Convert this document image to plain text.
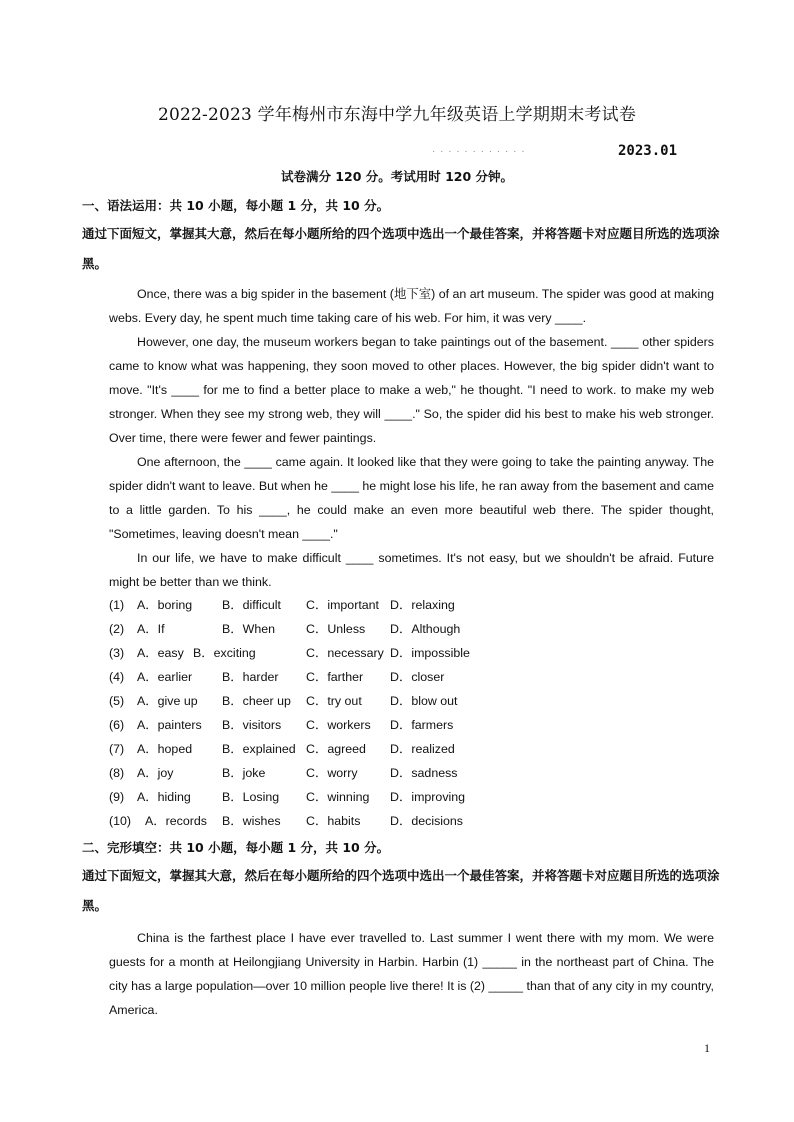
2022-2023 学年梅州市东海中学九年级英语上学期期末考试卷
· · · · · · · · · · · ·	2023.01
试卷满分 120 分。考试用时 120 分钟。
一、语法运用：共 10 小题，每小题 1 分，共 10 分。
通过下面短文，掌握其大意，然后在每小题所给的四个选项中选出一个最佳答案，并将答题卡对应题目所选的选项涂黑。

Once, there was a big spider in the basement (地下室) of an art museum. The spider was good at making webs. Every day, he spent much time taking care of his web. For him, it was very ____.

However, one day, the museum workers began to take paintings out of the basement. ____ other spiders came to know what was happening, they soon moved to other places. However, the big spider didn't want to move. "It's ____ for me to find a better place to make a web," he thought. "I need to work. to make my web stronger. When they see my strong web, they will ____." So, the spider did his best to make his web stronger. Over time, there were fewer and fewer paintings.

One afternoon, the ____ came again. It looked like that they were going to take the painting anyway. The spider didn't want to leave. But when he ____ he might lose his life, he ran away from the basement and came to a little garden. To his ____, he could make an even more beautiful web there. The spider thought, "Sometimes, leaving doesn't mean ____."

In our life, we have to make difficult ____ sometimes. It's not easy, but we shouldn't be afraid. Future might be better than we think.

(1) A．boring B．difficult C．important D．relaxing
(2) A．If	B．When C．Unless D．Although
(3) A．easy B．exciting	C．necessary D．impossible
(4) A．earlier B．harder C．farther D．closer
(5) A．give up B．cheer up C．try out D．blow out
(6) A．painters B．visitors C．workers D．farmers
(7) A．hoped B．explained C．agreed D．realized
(8) A．joy	B．joke	C．worry	D．sadness
(9) A．hiding	B．Losing C．winning D．improving
(10) A．records B．wishes C．habits D．decisions
二、完形填空：共 10 小题，每小题 1 分，共 10 分。
通过下面短文，掌握其大意，然后在每小题所给的四个选项中选出一个最佳答案，并将答题卡对应题目所选的选项涂黑。

China is the farthest place I have ever travelled to. Last summer I went there with my mom. We were guests for a month at Heilongjiang University in Harbin. Harbin (1) _____ in the northeast part of China. The city has a large population—over 10 million people live there! It is (2) _____ than that of any city in my country, America.

1
